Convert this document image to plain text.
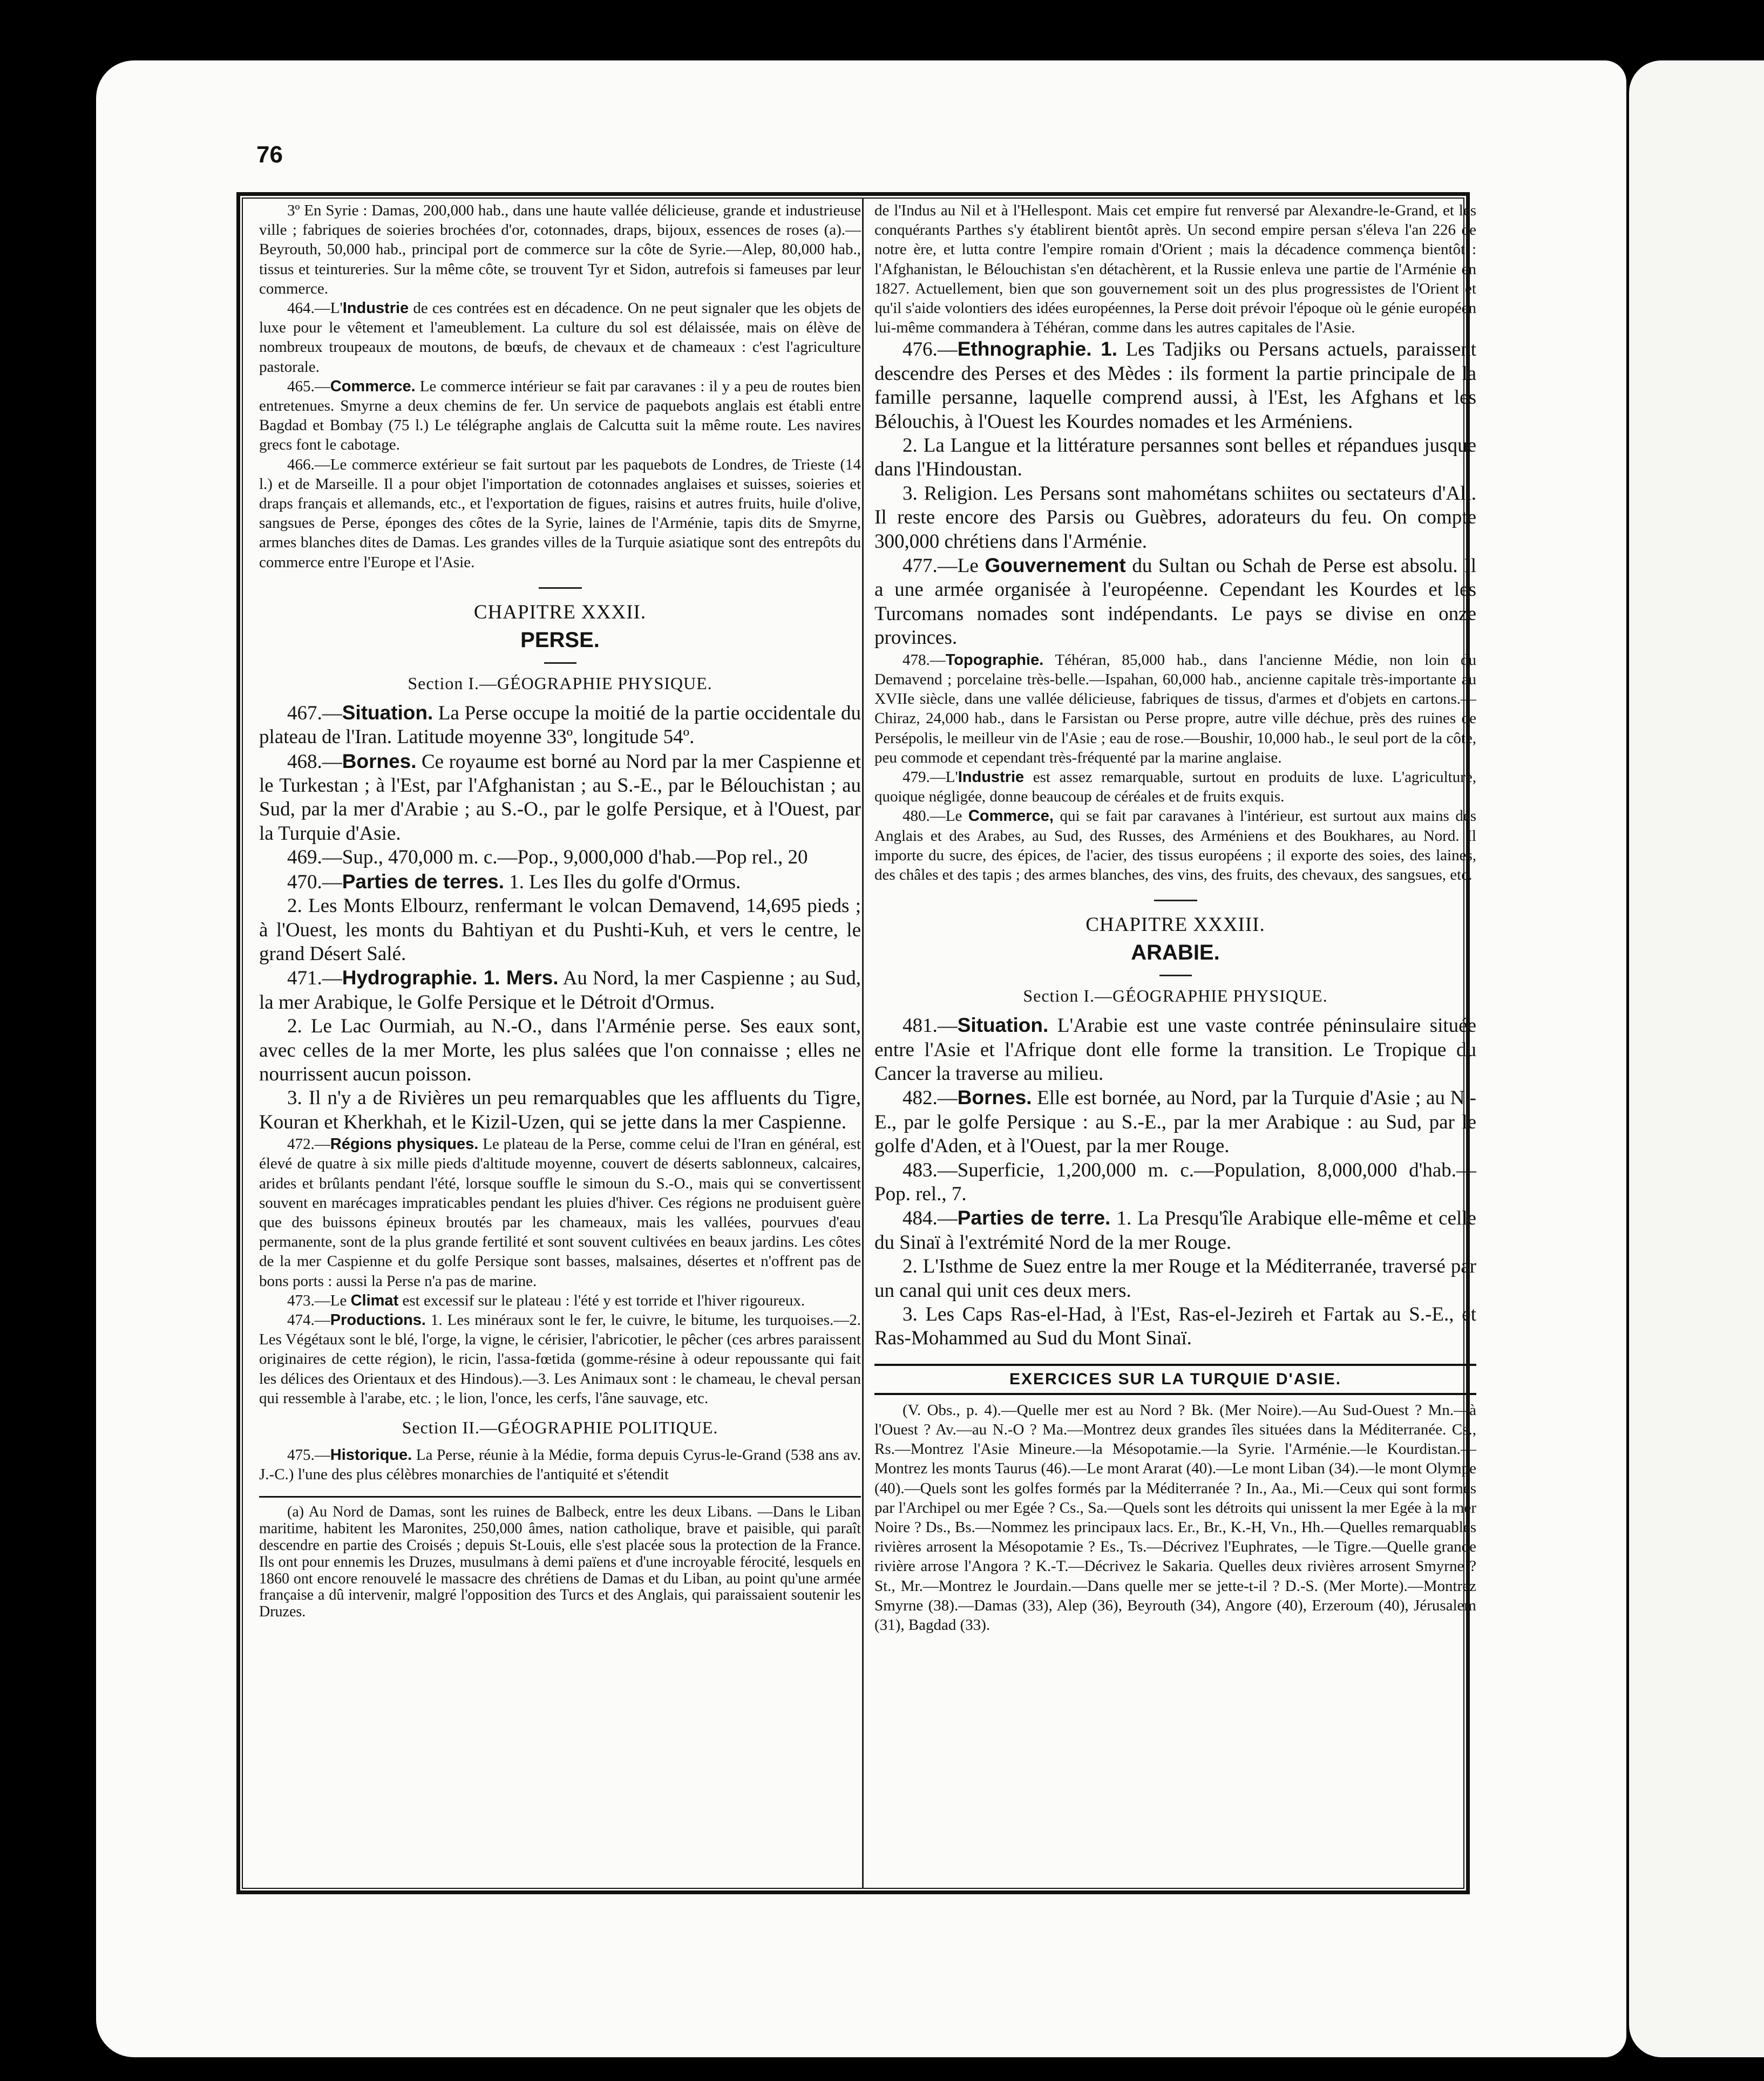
76

3º En Syrie : Damas, 200,000 hab., dans une haute vallée délicieuse, grande et industrieuse ville ; fabriques de soieries brochées d'or, cotonnades, draps, bijoux, essences de roses (a).—Beyrouth, 50,000 hab., principal port de commerce sur la côte de Syrie.—Alep, 80,000 hab., tissus et teintureries. Sur la même côte, se trouvent Tyr et Sidon, autrefois si fameuses par leur commerce.

464.—L'Industrie de ces contrées est en décadence. On ne peut signaler que les objets de luxe pour le vêtement et l'ameublement. La culture du sol est délaissée, mais on élève de nombreux troupeaux de moutons, de bœufs, de chevaux et de chameaux : c'est l'agriculture pastorale.

465.—Commerce. Le commerce intérieur se fait par caravanes : il y a peu de routes bien entretenues. Smyrne a deux chemins de fer. Un service de paquebots anglais est établi entre Bagdad et Bombay (75 l.) Le télégraphe anglais de Calcutta suit la même route. Les navires grecs font le cabotage.

466.—Le commerce extérieur se fait surtout par les paquebots de Londres, de Trieste (14 l.) et de Marseille. Il a pour objet l'importation de cotonnades anglaises et suisses, soieries et draps français et allemands, etc., et l'exportation de figues, raisins et autres fruits, huile d'olive, sangsues de Perse, éponges des côtes de la Syrie, laines de l'Arménie, tapis dits de Smyrne, armes blanches dites de Damas. Les grandes villes de la Turquie asiatique sont des entrepôts du commerce entre l'Europe et l'Asie.

CHAPITRE XXXII.

PERSE.

Section I.—GÉOGRAPHIE PHYSIQUE.

467.—Situation. La Perse occupe la moitié de la partie occidentale du plateau de l'Iran. Latitude moyenne 33º, longitude 54º.

468.—Bornes. Ce royaume est borné au Nord par la mer Caspienne et le Turkestan ; à l'Est, par l'Afghanistan ; au S.-E., par le Bélouchistan ; au Sud, par la mer d'Arabie ; au S.-O., par le golfe Persique, et à l'Ouest, par la Turquie d'Asie.

469.—Sup., 470,000 m. c.—Pop., 9,000,000 d'hab.—Pop rel., 20

470.—Parties de terres. 1. Les Iles du golfe d'Ormus.

2. Les Monts Elbourz, renfermant le volcan Demavend, 14,695 pieds ; à l'Ouest, les monts du Bahtiyan et du Pushti-Kuh, et vers le centre, le grand Désert Salé.

471.—Hydrographie. 1. Mers. Au Nord, la mer Caspienne ; au Sud, la mer Arabique, le Golfe Persique et le Détroit d'Ormus.

2. Le Lac Ourmiah, au N.-O., dans l'Arménie perse. Ses eaux sont, avec celles de la mer Morte, les plus salées que l'on connaisse ; elles ne nourrissent aucun poisson.

3. Il n'y a de Rivières un peu remarquables que les affluents du Tigre, Kouran et Kherkhah, et le Kizil-Uzen, qui se jette dans la mer Caspienne.

472.—Régions physiques. Le plateau de la Perse, comme celui de l'Iran en général, est élevé de quatre à six mille pieds d'altitude moyenne, couvert de déserts sablonneux, calcaires, arides et brûlants pendant l'été, lorsque souffle le simoun du S.-O., mais qui se convertissent souvent en marécages impraticables pendant les pluies d'hiver. Ces régions ne produisent guère que des buissons épineux broutés par les chameaux, mais les vallées, pourvues d'eau permanente, sont de la plus grande fertilité et sont souvent cultivées en beaux jardins. Les côtes de la mer Caspienne et du golfe Persique sont basses, malsaines, désertes et n'offrent pas de bons ports : aussi la Perse n'a pas de marine.

473.—Le Climat est excessif sur le plateau : l'été y est torride et l'hiver rigoureux.

474.—Productions. 1. Les minéraux sont le fer, le cuivre, le bitume, les turquoises.—2. Les Végétaux sont le blé, l'orge, la vigne, le cérisier, l'abricotier, le pêcher (ces arbres paraissent originaires de cette région), le ricin, l'assa-fœtida (gomme-résine à odeur repoussante qui fait les délices des Orientaux et des Hindous).—3. Les Animaux sont : le chameau, le cheval persan qui ressemble à l'arabe, etc. ; le lion, l'once, les cerfs, l'âne sauvage, etc.

Section II.—GÉOGRAPHIE POLITIQUE.

475.—Historique. La Perse, réunie à la Médie, forma depuis Cyrus-le-Grand (538 ans av. J.-C.) l'une des plus célèbres monarchies de l'antiquité et s'étendit

(a) Au Nord de Damas, sont les ruines de Balbeck, entre les deux Libans. —Dans le Liban maritime, habitent les Maronites, 250,000 âmes, nation catholique, brave et paisible, qui paraît descendre en partie des Croisés ; depuis St-Louis, elle s'est placée sous la protection de la France. Ils ont pour ennemis les Druzes, musulmans à demi païens et d'une incroyable férocité, lesquels en 1860 ont encore renouvelé le massacre des chrétiens de Damas et du Liban, au point qu'une armée française a dû intervenir, malgré l'opposition des Turcs et des Anglais, qui paraissaient soutenir les Druzes.

de l'Indus au Nil et à l'Hellespont. Mais cet empire fut renversé par Alexandre-le-Grand, et les conquérants Parthes s'y établirent bientôt après. Un second empire persan s'éleva l'an 226 de notre ère, et lutta contre l'empire romain d'Orient ; mais la décadence commença bientôt : l'Afghanistan, le Bélouchistan s'en détachèrent, et la Russie enleva une partie de l'Arménie en 1827. Actuellement, bien que son gouvernement soit un des plus progressistes de l'Orient et qu'il s'aide volontiers des idées européennes, la Perse doit prévoir l'époque où le génie européen lui-même commandera à Téhéran, comme dans les autres capitales de l'Asie.

476.—Ethnographie. 1. Les Tadjiks ou Persans actuels, paraissent descendre des Perses et des Mèdes : ils forment la partie principale de la famille persanne, laquelle comprend aussi, à l'Est, les Afghans et les Bélouchis, à l'Ouest les Kourdes nomades et les Arméniens.

2. La Langue et la littérature persannes sont belles et répandues jusque dans l'Hindoustan.

3. Religion. Les Persans sont mahométans schiites ou sectateurs d'Ali. Il reste encore des Parsis ou Guèbres, adorateurs du feu. On compte 300,000 chrétiens dans l'Arménie.

477.—Le Gouvernement du Sultan ou Schah de Perse est absolu. Il a une armée organisée à l'européenne. Cependant les Kourdes et les Turcomans nomades sont indépendants. Le pays se divise en onze provinces.

478.—Topographie. Téhéran, 85,000 hab., dans l'ancienne Médie, non loin du Demavend ; porcelaine très-belle.—Ispahan, 60,000 hab., ancienne capitale très-importante au XVIIe siècle, dans une vallée délicieuse, fabriques de tissus, d'armes et d'objets en cartons.—Chiraz, 24,000 hab., dans le Farsistan ou Perse propre, autre ville déchue, près des ruines de Persépolis, le meilleur vin de l'Asie ; eau de rose.—Boushir, 10,000 hab., le seul port de la côte, peu commode et cependant très-fréquenté par la marine anglaise.

479.—L'Industrie est assez remarquable, surtout en produits de luxe. L'agriculture, quoique négligée, donne beaucoup de céréales et de fruits exquis.

480.—Le Commerce, qui se fait par caravanes à l'intérieur, est surtout aux mains des Anglais et des Arabes, au Sud, des Russes, des Arméniens et des Boukhares, au Nord. Il importe du sucre, des épices, de l'acier, des tissus européens ; il exporte des soies, des laines, des châles et des tapis ; des armes blanches, des vins, des fruits, des chevaux, des sangsues, etc.

CHAPITRE XXXIII.

ARABIE.

Section I.—GÉOGRAPHIE PHYSIQUE.

481.—Situation. L'Arabie est une vaste contrée péninsulaire située entre l'Asie et l'Afrique dont elle forme la transition. Le Tropique du Cancer la traverse au milieu.

482.—Bornes. Elle est bornée, au Nord, par la Turquie d'Asie ; au N.-E., par le golfe Persique : au S.-E., par la mer Arabique : au Sud, par le golfe d'Aden, et à l'Ouest, par la mer Rouge.

483.—Superficie, 1,200,000 m. c.—Population, 8,000,000 d'hab.—Pop. rel., 7.

484.—Parties de terre. 1. La Presqu'île Arabique elle-même et celle du Sinaï à l'extrémité Nord de la mer Rouge.

2. L'Isthme de Suez entre la mer Rouge et la Méditerranée, traversé par un canal qui unit ces deux mers.

3. Les Caps Ras-el-Had, à l'Est, Ras-el-Jezireh et Fartak au S.-E., et Ras-Mohammed au Sud du Mont Sinaï.

EXERCICES SUR LA TURQUIE D'ASIE.

(V. Obs., p. 4).—Quelle mer est au Nord ? Bk. (Mer Noire).—Au Sud-Ouest ? Mn.—à l'Ouest ? Av.—au N.-O ? Ma.—Montrez deux grandes îles situées dans la Méditerranée. Cs., Rs.—Montrez l'Asie Mineure.—la Mésopotamie.—la Syrie. l'Arménie.—le Kourdistan.—Montrez les monts Taurus (46).—Le mont Ararat (40).—Le mont Liban (34).—le mont Olympe (40).—Quels sont les golfes formés par la Méditerranée ? In., Aa., Mi.—Ceux qui sont formés par l'Archipel ou mer Egée ? Cs., Sa.—Quels sont les détroits qui unissent la mer Egée à la mer Noire ? Ds., Bs.—Nommez les principaux lacs. Er., Br., K.-H, Vn., Hh.—Quelles remarquables rivières arrosent la Mésopotamie ? Es., Ts.—Décrivez l'Euphrates, —le Tigre.—Quelle grande rivière arrose l'Angora ? K.-T.—Décrivez le Sakaria. Quelles deux rivières arrosent Smyrne ? St., Mr.—Montrez le Jourdain.—Dans quelle mer se jette-t-il ? D.-S. (Mer Morte).—Montrez Smyrne (38).—Damas (33), Alep (36), Beyrouth (34), Angore (40), Erzeroum (40), Jérusalem (31), Bagdad (33).
